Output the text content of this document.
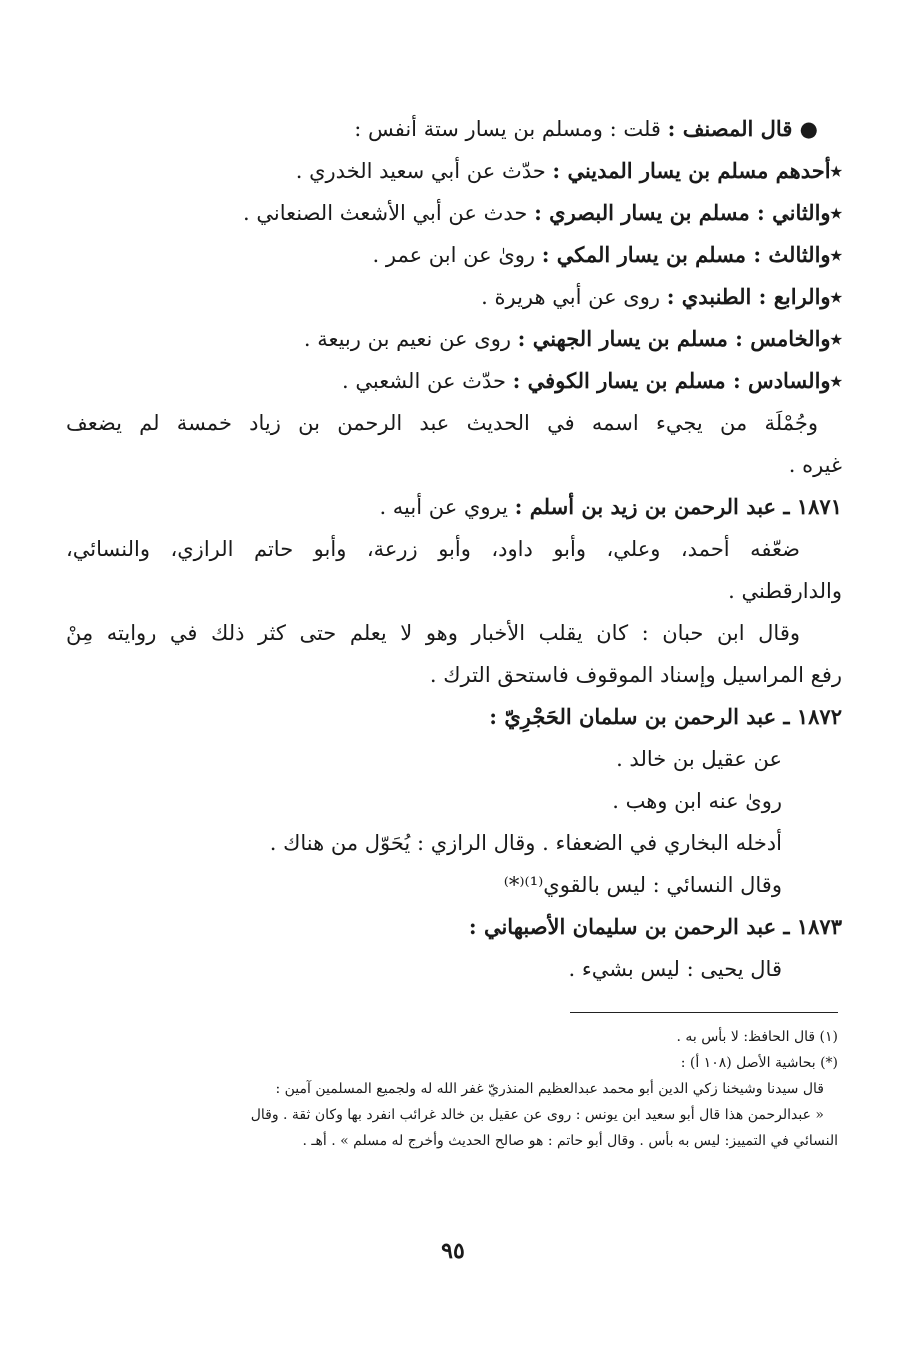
● قال المصنف : قلت : ومسلم بن يسار ستة أنفس :
٭أحدهم مسلم بن يسار المديني : حدّث عن أبي سعيد الخدري .
٭والثاني : مسلم بن يسار البصري : حدث عن أبي الأشعث الصنعاني .
٭والثالث : مسلم بن يسار المكي : روىٰ عن ابن عمر .
٭والرابع : الطنبدي : روى عن أبي هريرة .
٭والخامس : مسلم بن يسار الجهني : روى عن نعيم بن ربيعة .
٭والسادس : مسلم بن يسار الكوفي : حدّث عن الشعبي .
وجُمْلَة من يجيء اسمه في الحديث عبد الرحمن بن زياد خمسة لم يضعف
غيره .
١٨٧١ ـ عبد الرحمن بن زيد بن أسلم : يروي عن أبيه .
ضعّفه أحمد، وعلي، وأبو داود، وأبو زرعة، وأبو حاتم الرازي، والنسائي،
والدارقطني .
وقال ابن حبان : كان يقلب الأخبار وهو لا يعلم حتى كثر ذلك في روايته مِنْ
رفع المراسيل وإسناد الموقوف فاستحق الترك .
١٨٧٢ ـ عبد الرحمن بن سلمان الحَجْرِيّ :
عن عقيل بن خالد .
روىٰ عنه ابن وهب .
أدخله البخاري في الضعفاء . وقال الرازي : يُحَوّل من هناك .
وقال النسائي : ليس بالقوي⁽¹⁾⁽*⁾
١٨٧٣ ـ عبد الرحمن بن سليمان الأصبهاني :
قال يحيى : ليس بشيء .
(١) قال الحافظ: لا بأس به .
(*) بحاشية الأصل (١٠٨ أ) :
قال سيدنا وشيخنا زكي الدين أبو محمد عبدالعظيم المنذريّ غفر الله له ولجميع المسلمين آمين :
« عبدالرحمن هذا قال أبو سعيد ابن يونس : روى عن عقيل بن خالد غرائب انفرد بها وكان ثقة . وقال
النسائي في التمييز: ليس به بأس . وقال أبو حاتم : هو صالح الحديث وأخرج له مسلم » . أهـ .
٩٥
